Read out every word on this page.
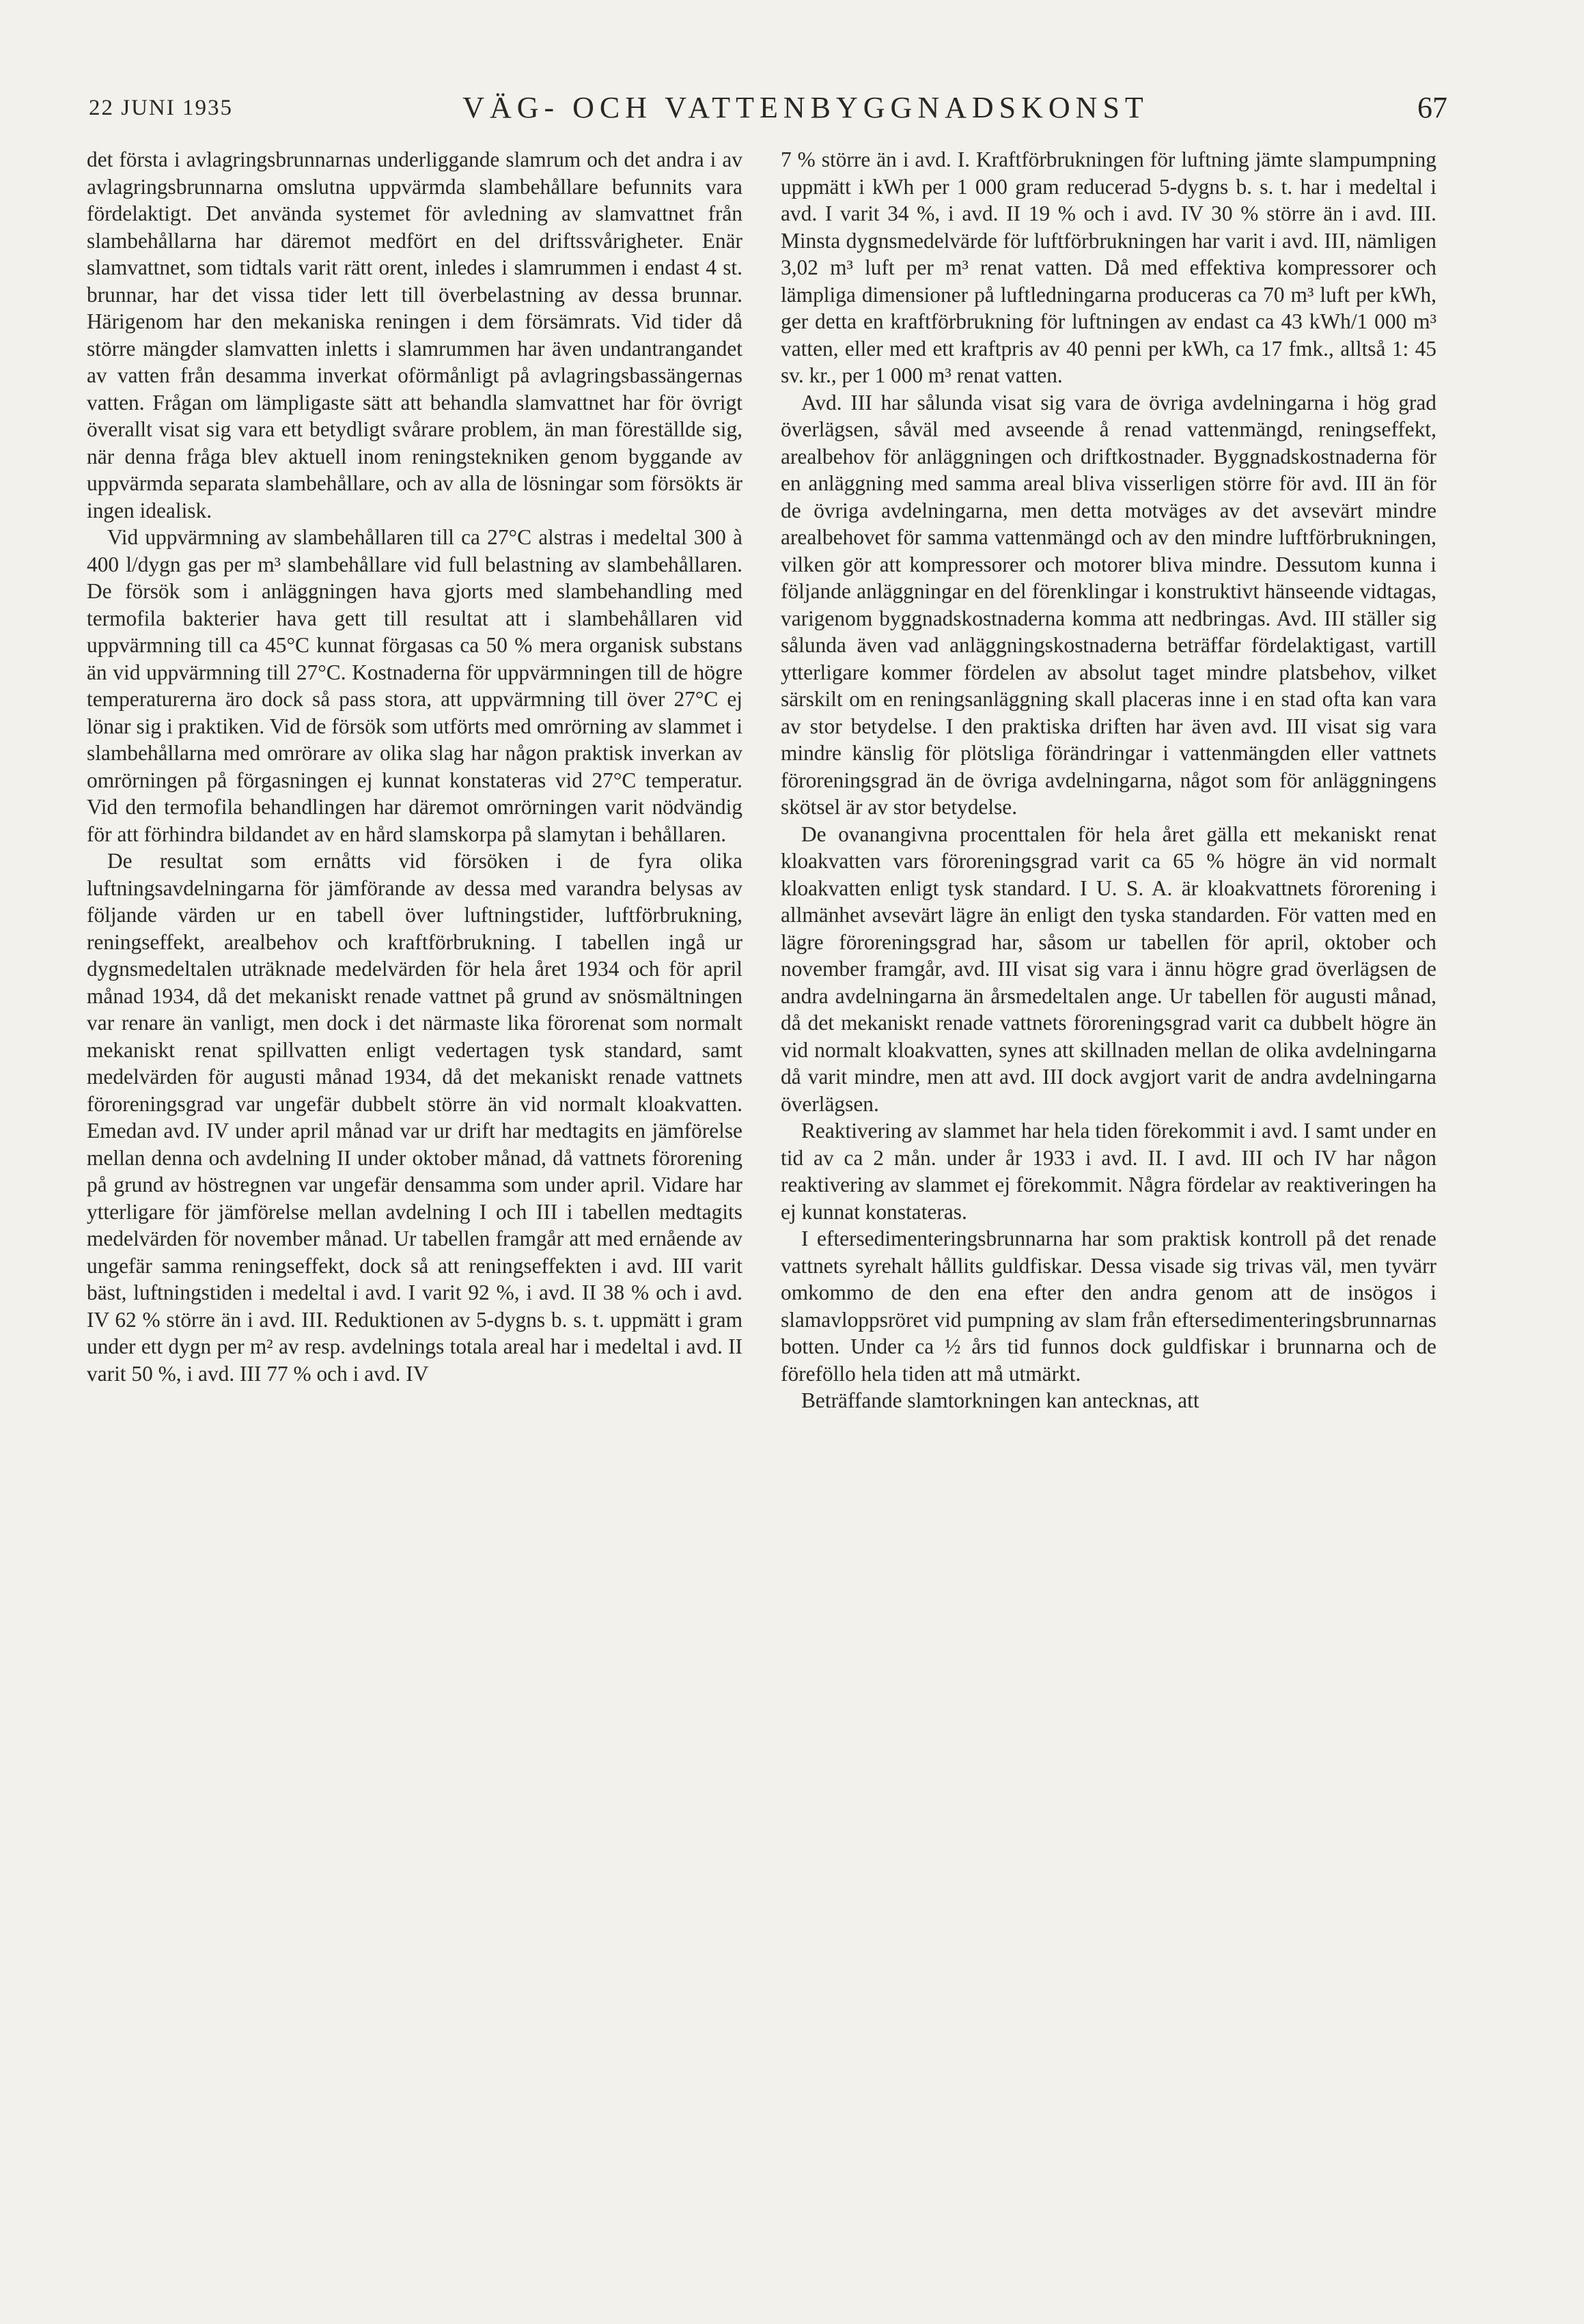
22 JUNI 1935	VÄG- OCH VATTENBYGGNADSKONST	67

det första i avlagringsbrunnarnas underliggande slamrum och det andra i av avlagringsbrunnarna omslutna uppvärmda slambehållare befunnits vara fördelaktigt. Det använda systemet för avledning av slamvattnet från slambehållarna har däremot medfört en del driftssvårigheter. Enär slamvattnet, som tidtals varit rätt orent, inledes i slamrummen i endast 4 st. brunnar, har det vissa tider lett till överbelastning av dessa brunnar. Härigenom har den mekaniska reningen i dem försämrats. Vid tider då större mängder slamvatten inletts i slamrummen har även undantrangandet av vatten från desamma inverkat oförmånligt på avlagringsbassängernas vatten. Frågan om lämpligaste sätt att behandla slamvattnet har för övrigt överallt visat sig vara ett betydligt svårare problem, än man föreställde sig, när denna fråga blev aktuell inom reningstekniken genom byggande av uppvärmda separata slambehållare, och av alla de lösningar som försökts är ingen idealisk.

Vid uppvärmning av slambehållaren till ca 27°C alstras i medeltal 300 à 400 l/dygn gas per m³ slambehållare vid full belastning av slambehållaren. De försök som i anläggningen hava gjorts med slambehandling med termofila bakterier hava gett till resultat att i slambehållaren vid uppvärmning till ca 45°C kunnat förgasas ca 50 % mera organisk substans än vid uppvärmning till 27°C. Kostnaderna för uppvärmningen till de högre temperaturerna äro dock så pass stora, att uppvärmning till över 27°C ej lönar sig i praktiken. Vid de försök som utförts med omrörning av slammet i slambehållarna med omrörare av olika slag har någon praktisk inverkan av omrörningen på förgasningen ej kunnat konstateras vid 27°C temperatur. Vid den termofila behandlingen har däremot omrörningen varit nödvändig för att förhindra bildandet av en hård slamskorpa på slamytan i behållaren.

De resultat som ernåtts vid försöken i de fyra olika luftningsavdelningarna för jämförande av dessa med varandra belysas av följande värden ur en tabell över luftningstider, luftförbrukning, reningseffekt, arealbehov och kraftförbrukning. I tabellen ingå ur dygnsmedeltalen uträknade medelvärden för hela året 1934 och för april månad 1934, då det mekaniskt renade vattnet på grund av snösmältningen var renare än vanligt, men dock i det närmaste lika förorenat som normalt mekaniskt renat spillvatten enligt vedertagen tysk standard, samt medelvärden för augusti månad 1934, då det mekaniskt renade vattnets föroreningsgrad var ungefär dubbelt större än vid normalt kloakvatten. Emedan avd. IV under april månad var ur drift har medtagits en jämförelse mellan denna och avdelning II under oktober månad, då vattnets förorening på grund av höstregnen var ungefär densamma som under april. Vidare har ytterligare för jämförelse mellan avdelning I och III i tabellen medtagits medelvärden för november månad. Ur tabellen framgår att med ernående av ungefär samma reningseffekt, dock så att reningseffekten i avd. III varit bäst, luftningstiden i medeltal i avd. I varit 92 %, i avd. II 38 % och i avd. IV 62 % större än i avd. III. Reduktionen av 5-dygns b. s. t. uppmätt i gram under ett dygn per m² av resp. avdelnings totala areal har i medeltal i avd. II varit 50 %, i avd. III 77 % och i avd. IV

7 % större än i avd. I. Kraftförbrukningen för luftning jämte slampumpning uppmätt i kWh per 1 000 gram reducerad 5-dygns b. s. t. har i medeltal i avd. I varit 34 %, i avd. II 19 % och i avd. IV 30 % större än i avd. III. Minsta dygnsmedelvärde för luftförbrukningen har varit i avd. III, nämligen 3,02 m³ luft per m³ renat vatten. Då med effektiva kompressorer och lämpliga dimensioner på luftledningarna produceras ca 70 m³ luft per kWh, ger detta en kraftförbrukning för luftningen av endast ca 43 kWh/1 000 m³ vatten, eller med ett kraftpris av 40 penni per kWh, ca 17 fmk., alltså 1: 45 sv. kr., per 1 000 m³ renat vatten.

Avd. III har sålunda visat sig vara de övriga avdelningarna i hög grad överlägsen, såväl med avseende å renad vattenmängd, reningseffekt, arealbehov för anläggningen och driftkostnader. Byggnadskostnaderna för en anläggning med samma areal bliva visserligen större för avd. III än för de övriga avdelningarna, men detta motväges av det avsevärt mindre arealbehovet för samma vattenmängd och av den mindre luftförbrukningen, vilken gör att kompressorer och motorer bliva mindre. Dessutom kunna i följande anläggningar en del förenklingar i konstruktivt hänseende vidtagas, varigenom byggnadskostnaderna komma att nedbringas. Avd. III ställer sig sålunda även vad anläggningskostnaderna beträffar fördelaktigast, vartill ytterligare kommer fördelen av absolut taget mindre platsbehov, vilket särskilt om en reningsanläggning skall placeras inne i en stad ofta kan vara av stor betydelse. I den praktiska driften har även avd. III visat sig vara mindre känslig för plötsliga förändringar i vattenmängden eller vattnets föroreningsgrad än de övriga avdelningarna, något som för anläggningens skötsel är av stor betydelse.

De ovanangivna procenttalen för hela året gälla ett mekaniskt renat kloakvatten vars föroreningsgrad varit ca 65 % högre än vid normalt kloakvatten enligt tysk standard. I U. S. A. är kloakvattnets förorening i allmänhet avsevärt lägre än enligt den tyska standarden. För vatten med en lägre föroreningsgrad har, såsom ur tabellen för april, oktober och november framgår, avd. III visat sig vara i ännu högre grad överlägsen de andra avdelningarna än årsmedeltalen ange. Ur tabellen för augusti månad, då det mekaniskt renade vattnets föroreningsgrad varit ca dubbelt högre än vid normalt kloakvatten, synes att skillnaden mellan de olika avdelningarna då varit mindre, men att avd. III dock avgjort varit de andra avdelningarna överlägsen.

Reaktivering av slammet har hela tiden förekommit i avd. I samt under en tid av ca 2 mån. under år 1933 i avd. II. I avd. III och IV har någon reaktivering av slammet ej förekommit. Några fördelar av reaktiveringen ha ej kunnat konstateras.

I eftersedimenteringsbrunnarna har som praktisk kontroll på det renade vattnets syrehalt hållits guldfiskar. Dessa visade sig trivas väl, men tyvärr omkommo de den ena efter den andra genom att de insögos i slamavloppsröret vid pumpning av slam från eftersedimenteringsbrunnarnas botten. Under ca ½ års tid funnos dock guldfiskar i brunnarna och de föreföllo hela tiden att må utmärkt.

Beträffande slamtorkningen kan antecknas, att
